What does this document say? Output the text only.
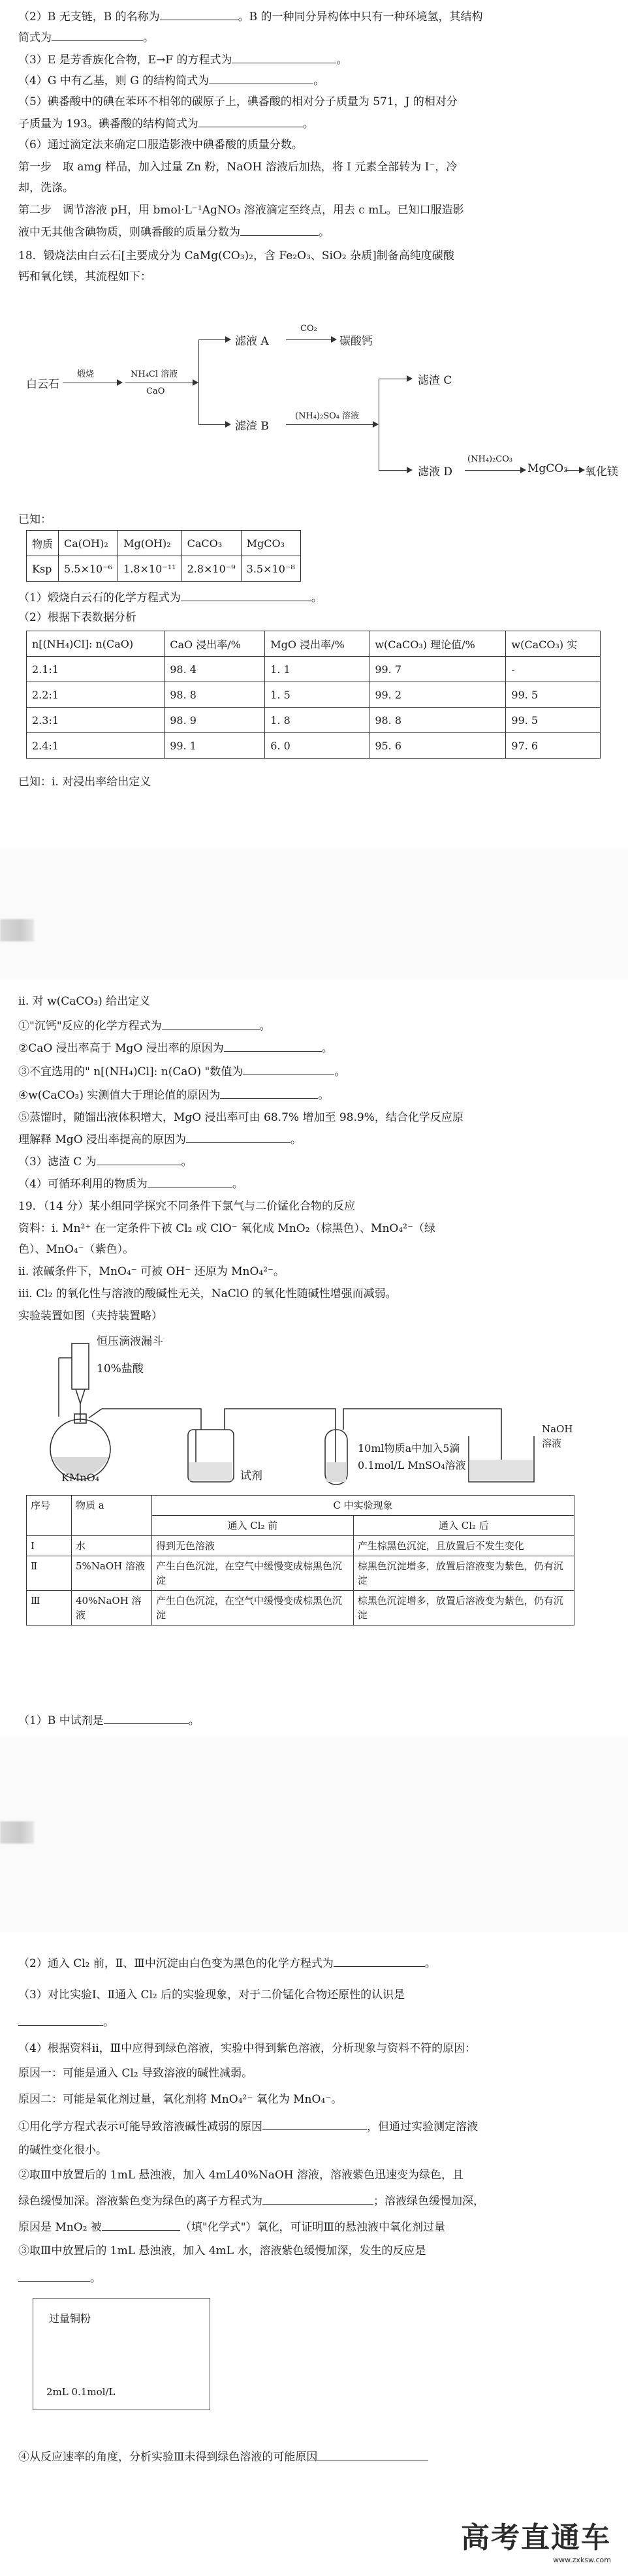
（2）B 无支链，B 的名称为	。B 的一种同分异构体中只有一种环境氢，其结构
简式为	。
（3）E 是芳香族化合物，E→F 的方程式为	。
（4）G 中有乙基，则 G 的结构简式为	。
（5）碘番酸中的碘在苯环不相邻的碳原子上，碘番酸的相对分子质量为 571，J 的相对分
子质量为 193。碘番酸的结构简式为	。
（6）通过滴定法来确定口服造影液中碘番酸的质量分数。
第一步　取 amg 样品，加入过量 Zn 粉，NaOH 溶液后加热，将 I 元素全部转为 I⁻，冷
却，洗涤。
第二步　调节溶液 pH，用 bmol·L⁻¹AgNO₃ 溶液滴定至终点，用去 c mL。已知口服造影
液中无其他含碘物质，则碘番酸的质量分数为	。
18．锻烧法由白云石[主要成分为 CaMg(CO₃)₂，含 Fe₂O₃、SiO₂ 杂质]制备高纯度碳酸
钙和氧化镁，其流程如下：
白云石
煅烧	NH₄Cl 溶液
CaO
滤液 A
CO₂
碳酸钙
滤渣 B
(NH₄)₂SO₄ 溶液
滤渣 C
滤液 D
(NH₄)₂CO₃
MgCO₃ 氧化镁
已知：
物质	Ca(OH)₂	Mg(OH)₂	CaCO₃	MgCO₃
Ksp	5.5×10⁻⁶	1.8×10⁻¹¹	2.8×10⁻⁹	3.5×10⁻⁸
（1）煅烧白云石的化学方程式为	。
（2）根据下表数据分析
n[(NH₄)Cl]: n(CaO)	CaO 浸出率/%	MgO 浸出率/%	w(CaCO₃) 理论值/%	w(CaCO₃) 实
2.1:1	98. 4	1. 1	99. 7	-
2.2:1	98. 8	1. 5	99. 2	99. 5
2.3:1	98. 9	1. 8	98. 8	99. 5
2.4:1	99. 1	6. 0	95. 6	97. 6
已知：ⅰ. 对浸出率给出定义
ⅱ. 对 w(CaCO₃) 给出定义
①"沉钙"反应的化学方程式为	。
②CaO 浸出率高于 MgO 浸出率的原因为	。
③不宜选用的" n[(NH₄)Cl]: n(CaO) "数值为	。
④w(CaCO₃) 实测值大于理论值的原因为	。
⑤蒸馏时，随馏出液体积增大，MgO 浸出率可由 68.7% 增加至 98.9%，结合化学反应原
理解释 MgO 浸出率提高的原因为	。
（3）滤渣 C 为	。
（4）可循环利用的物质为	。
19．（14 分）某小组同学探究不同条件下氯气与二价锰化合物的反应
资料：ⅰ. Mn²⁺ 在一定条件下被 Cl₂ 或 ClO⁻ 氧化成 MnO₂（棕黑色）、MnO₄²⁻（绿
色）、MnO₄⁻（紫色）。
ⅱ. 浓碱条件下，MnO₄⁻ 可被 OH⁻ 还原为 MnO₄²⁻。
ⅲ. Cl₂ 的氧化性与溶液的酸碱性无关，NaClO 的氧化性随碱性增强而减弱。
实验装置如图（夹持装置略）
恒压滴液漏斗
10%盐酸
KMnO₄	试剂
10ml物质a中加入5滴
0.1mol/L MnSO₄溶液
NaOH
溶液
序号	物质 a	C 中实验现象	
		通入 Cl₂ 前	通入 Cl₂ 后
Ⅰ	水	得到无色溶液	产生棕黑色沉淀，且放置后不发生变化
Ⅱ	5%NaOH 溶液	产生白色沉淀，在空气中缓慢变成棕黑色沉淀	棕黑色沉淀增多，放置后溶液变为紫色，仍有沉淀
Ⅲ	40%NaOH 溶液	产生白色沉淀，在空气中缓慢变成棕黑色沉淀	棕黑色沉淀增多，放置后溶液变为紫色，仍有沉淀
（1）B 中试剂是	。
（2）通入 Cl₂ 前，Ⅱ、Ⅲ中沉淀由白色变为黑色的化学方程式为	。
（3）对比实验Ⅰ、Ⅱ通入 Cl₂ 后的实验现象，对于二价锰化合物还原性的认识是
。
（4）根据资料ⅱ，Ⅲ中应得到绿色溶液，实验中得到紫色溶液，分析现象与资料不符的原因：
原因一：可能是通入 Cl₂ 导致溶液的碱性减弱。
原因二：可能是氧化剂过量，氧化剂将 MnO₄²⁻ 氧化为 MnO₄⁻。
①用化学方程式表示可能导致溶液碱性减弱的原因	，但通过实验测定溶液
的碱性变化很小。
②取Ⅲ中放置后的 1mL 悬浊液，加入 4mL40%NaOH 溶液，溶液紫色迅速变为绿色，且
绿色缓慢加深。溶液紫色变为绿色的离子方程式为	；溶液绿色缓慢加深，
原因是 MnO₂ 被	（填"化学式"）氧化，可证明Ⅲ的悬浊液中氧化剂过量
③取Ⅲ中放置后的 1mL 悬浊液，加入 4mL 水，溶液紫色缓慢加深，发生的反应是
。
过量铜粉
2mL 0.1mol/L
④从反应速率的角度，分析实验Ⅲ未得到绿色溶液的可能原因
高考直通车
www.zxksw.com
